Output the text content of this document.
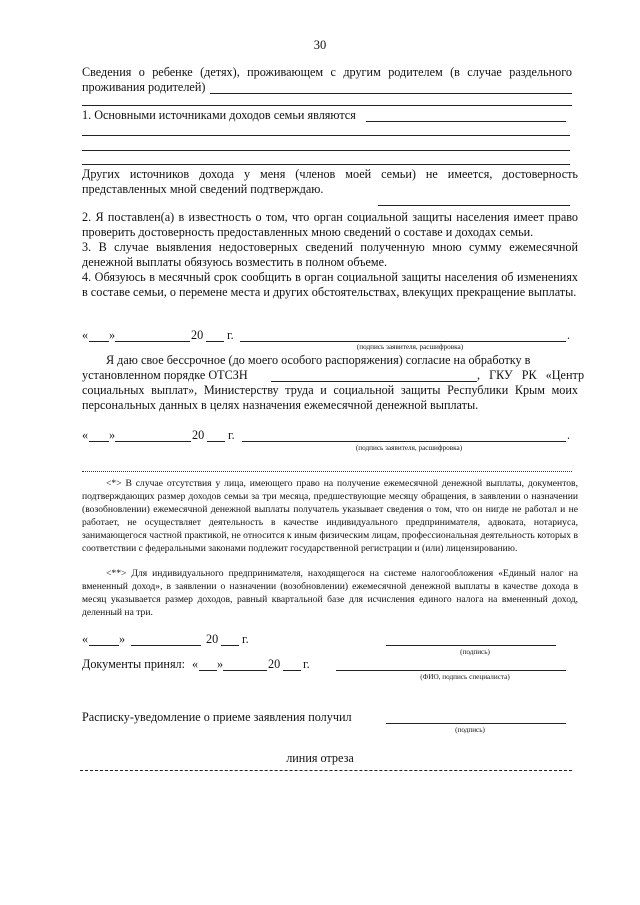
30
Сведения о ребенке (детях), проживающем с другим родителем (в случае раздельного проживания родителей)
1. Основными источниками доходов семьи являются
Других источников дохода у меня (членов моей семьи) не имеется, достоверность представленных мной сведений подтверждаю.
2. Я поставлен(а) в известность о том, что орган социальной защиты населения имеет право проверить достоверность предоставленных мною сведений о составе и доходах семьи.
3. В случае выявления недостоверных сведений полученную мною сумму ежемесячной денежной выплаты обязуюсь возместить в полном объеме.
4. Обязуюсь в месячный срок сообщить в орган социальной защиты населения об изменениях в составе семьи, о перемене места и других обстоятельствах, влекущих прекращение выплаты.
« »	20 г.	.
(подпись заявителя, расшифровка)
Я даю свое бессрочное (до моего особого распоряжения) согласие на обработку в
установленном порядке ОТСЗН	, ГКУ РК «Центр
социальных выплат», Министерству труда и социальной защиты Республики Крым моих персональных данных в целях назначения ежемесячной денежной выплаты.
« »	20 г.	.
(подпись заявителя, расшифровка)
<*> В случае отсутствия у лица, имеющего право на получение ежемесячной денежной выплаты, документов, подтверждающих размер доходов семьи за три месяца, предшествующие месяцу обращения, в заявлении о назначении (возобновлении) ежемесячной денежной выплаты получатель указывает сведения о том, что он нигде не работал и не работает, не осуществляет деятельность в качестве индивидуального предпринимателя, адвоката, нотариуса, занимающегося частной практикой, не относится к иным физическим лицам, профессиональная деятельность которых в соответствии с федеральными законами подлежит государственной регистрации и (или) лицензированию.
<**> Для индивидуального предпринимателя, находящегося на системе налогообложения «Единый налог на вмененный доход», в заявлении о назначении (возобновлении) ежемесячной денежной выплаты в качестве дохода в месяц указывается размер доходов, равный квартальной базе для исчисления единого налога на вмененный доход, деленный на три.
«	»	20 г.
(подпись)
Документы принял: « »	20 г.
(ФИО, подпись специалиста)
Расписку-уведомление о приеме заявления получил
(подпись)
линия отреза
